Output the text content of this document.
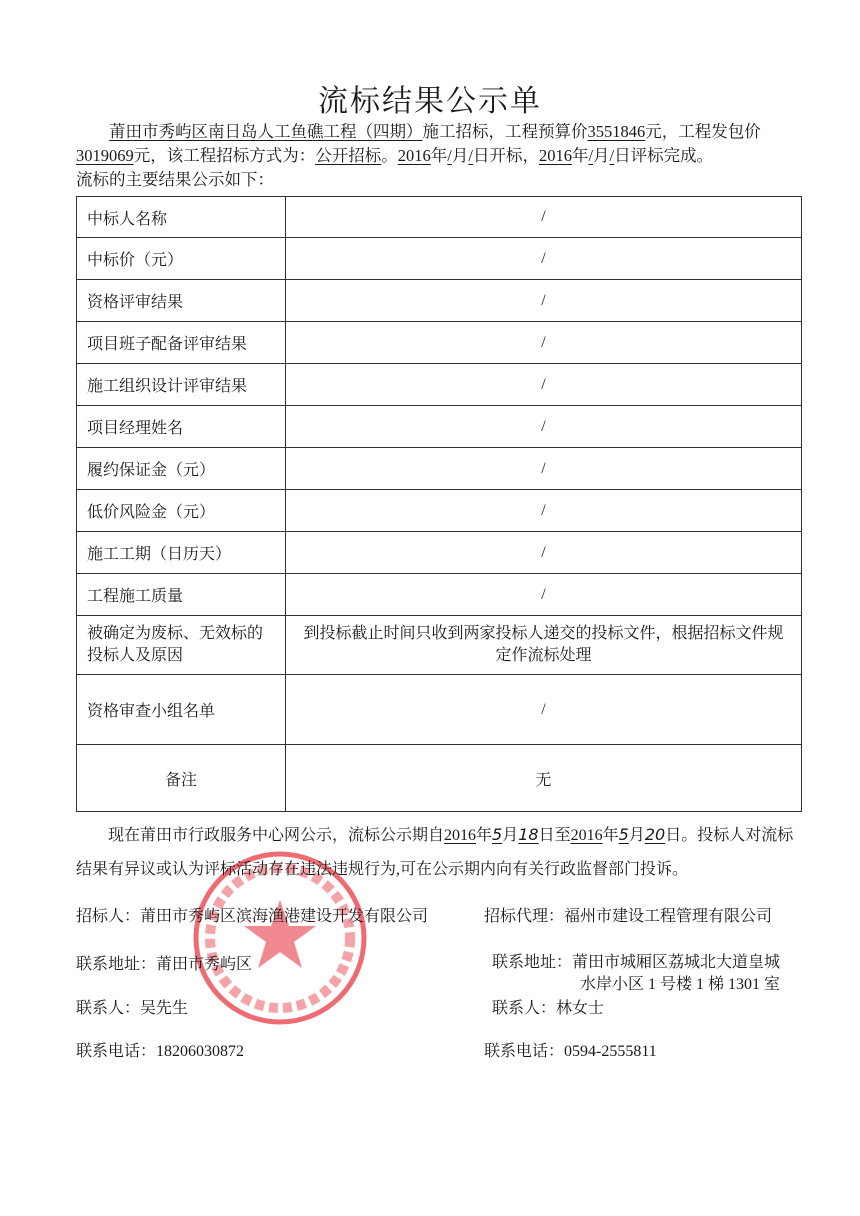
流标结果公示单
莆田市秀屿区南日岛人工鱼礁工程（四期）施工招标，工程预算价3551846元，工程发包价
3019069元，该工程招标方式为：公开招标。2016年/月/日开标，2016年/月/日评标完成。
流标的主要结果公示如下：
中标人名称	/
中标价（元）	/
资格评审结果	/
项目班子配备评审结果	/
施工组织设计评审结果	/
项目经理姓名	/
履约保证金（元）	/
低价风险金（元）	/
施工工期（日历天）	/
工程施工质量	/
被确定为废标、无效标的投标人及原因	到投标截止时间只收到两家投标人递交的投标文件，根据招标文件规定作流标处理
资格审查小组名单	/
备注	无
现在莆田市行政服务中心网公示，流标公示期自2016年5月18日至2016年5月20日。投标人对流标结果有异议或认为评标活动存在违法违规行为,可在公示期内向有关行政监督部门投诉。
招标人：莆田市秀屿区滨海渔港建设开发有限公司
联系地址：莆田市秀屿区
联系人：吴先生
联系电话：18206030872
招标代理：福州市建设工程管理有限公司
联系地址：莆田市城厢区荔城北大道皇城
水岸小区 1 号楼 1 梯 1301 室
联系人：林女士
联系电话：0594-2555811
